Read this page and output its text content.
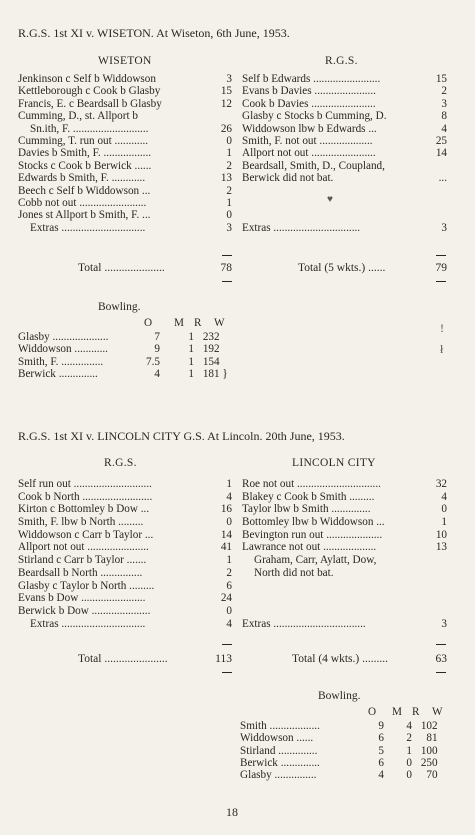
R.G.S. 1st XI v. WISETON. At Wiseton, 6th June, 1953.
WISETON	R.G.S.
Jenkinson c Self b Widdowson	3
Kettleborough c Cook b Glasby	15
Francis, E. c Beardsall b Glasby	12
Cumming, D., st. Allport b
Sn.ith, F. ...........................	26
Cumming, T. run out ............	0
Davies b Smith, F. .................	1
Stocks c Cook b Berwick ......	2
Edwards b Smith, F. ............	13
Beech c Self b Widdowson ...	2
Cobb not out ........................	1
Jones st Allport b Smith, F. ...	0
Extras ..............................	3
Self b Edwards ........................	15
Evans b Davies ......................	2
Cook b Davies .......................	3
Glasby c Stocks b Cumming, D.	8
Widdowson lbw b Edwards ...	4
Smith, F. not out ...................	25
Allport not out .......................	14
Beardsall, Smith, D., Coupland,
Berwick did not bat.	...
Extras ...............................	3
Total .....................	78	Total (5 wkts.) ......	79
Bowling.
O M R W
Glasby ....................	7	1 23 2
Widdowson ............	9	1 19 2
Smith, F. ...............	7.5	1 15 4
Berwick ..............	4	1 18 1 }
♥
!
ł
R.G.S. 1st XI v. LINCOLN CITY G.S. At Lincoln. 20th June, 1953.
R.G.S.	LINCOLN CITY
Self run out ............................	1
Cook b North .........................	4
Kirton c Bottomley b Dow ...	16
Smith, F. lbw b North .........	0
Widdowson c Carr b Taylor ...	14
Allport not out ......................	41
Stirland c Carr b Taylor .......	1
Beardsall b North ...............	2
Glasby c Taylor b North .........	6
Evans b Dow .......................	24
Berwick b Dow .....................	0
Extras ..............................	4
Roe not out ..............................	32
Blakey c Cook b Smith .........	4
Taylor lbw b Smith ..............	0
Bottomley lbw b Widdowson ...	1
Bevington run out ....................	10
Lawrance not out ...................	13
Graham, Carr, Aylatt, Dow,
North did not bat.
Extras .................................	3
Total ......................	113	Total (4 wkts.) .........	63
Bowling.
O M R W
Smith ..................	9	4 10 2
Widdowson ......	6	2	8 1
Stirland ..............	5	1 10 0
Berwick ..............	6	0 25 0
Glasby ...............	4	0	7 0
18
